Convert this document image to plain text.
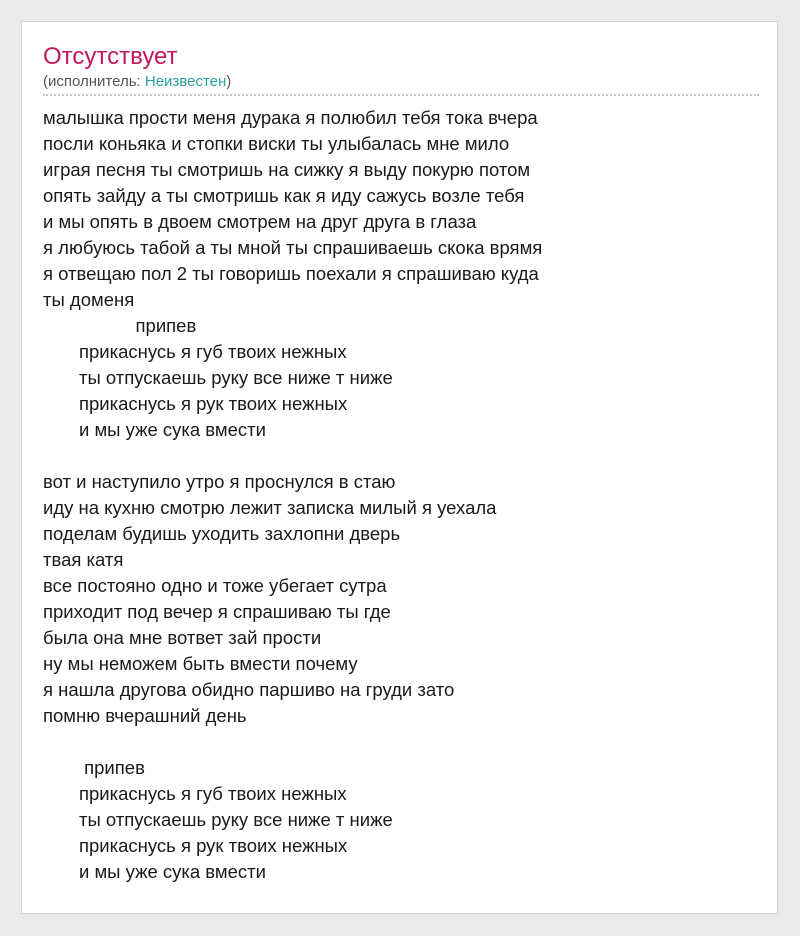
Отсутствует
(исполнитель: Неизвестен)
малышка прости меня дурака я полюбил тебя тока вчера
посли коньяка и стопки виски ты улыбалась мне мило
играя песня ты смотришь на сижку я выду покурю потом
опять зайду а ты смотришь как я иду сажусь возле тебя
и мы опять в двоем смотрем на друг друга в глаза
я любуюсь табой а ты мной ты спрашиваешь скока врямя
я отвещаю пол 2 ты говоришь поехали я спрашиваю куда
ты доменя
припев
прикаснусь я губ твоих нежных
ты отпускаешь руку все ниже т ниже
прикаснусь я рук твоих нежных
и мы уже сука вмести
вот и наступило утро я проснулся в стаю
иду на кухню смотрю лежит записка милый я уехала
поделам будишь уходить захлопни дверь
твая катя
все постояно одно и тоже убегает сутра
приходит под вечер я спрашиваю ты где
была она мне вответ зай прости
ну мы неможем быть вмести почему
я нашла другова обидно паршиво на груди зато
помню вчерашний день
припев
прикаснусь я губ твоих нежных
ты отпускаешь руку все ниже т ниже
прикаснусь я рук твоих нежных
и мы уже сука вмести
